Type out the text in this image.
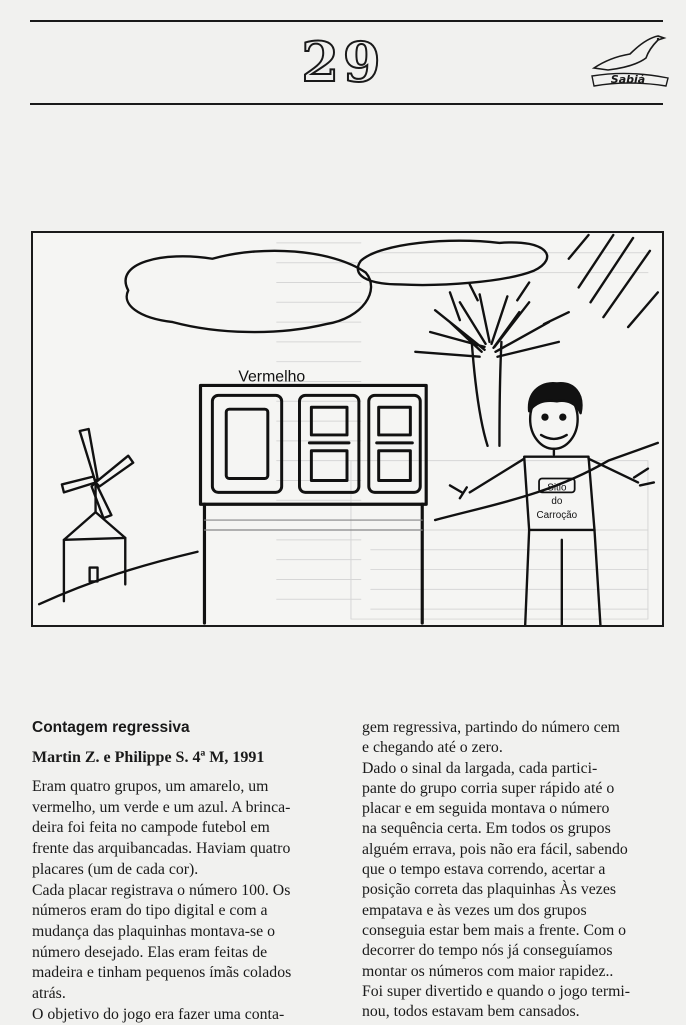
29	Sabiá
Vermelho
Sitio
do
Carroção
Contagem regressiva

Martin Z. e Philippe S. 4ª M, 1991

Eram quatro grupos, um amarelo, um
vermelho, um verde e um azul. A brinca-
deira foi feita no campode futebol em
frente das arquibancadas. Haviam quatro
placares (um de cada cor).
Cada placar registrava o número 100. Os
números eram do tipo digital e com a
mudança das plaquinhas montava-se o
número desejado. Elas eram feitas de
madeira e tinham pequenos ímãs colados
atrás.
O objetivo do jogo era fazer uma conta-

gem regressiva, partindo do número cem
e chegando até o zero.
Dado o sinal da largada, cada partici-
pante do grupo corria super rápido até o
placar e em seguida montava o número
na sequência certa. Em todos os grupos
alguém errava, pois não era fácil, sabendo
que o tempo estava correndo, acertar a
posição correta das plaquinhas Às vezes
empatava e às vezes um dos grupos
conseguia estar bem mais a frente. Com o
decorrer do tempo nós já conseguíamos
montar os números com maior rapidez..
Foi super divertido e quando o jogo termi-
nou, todos estavam bem cansados.
